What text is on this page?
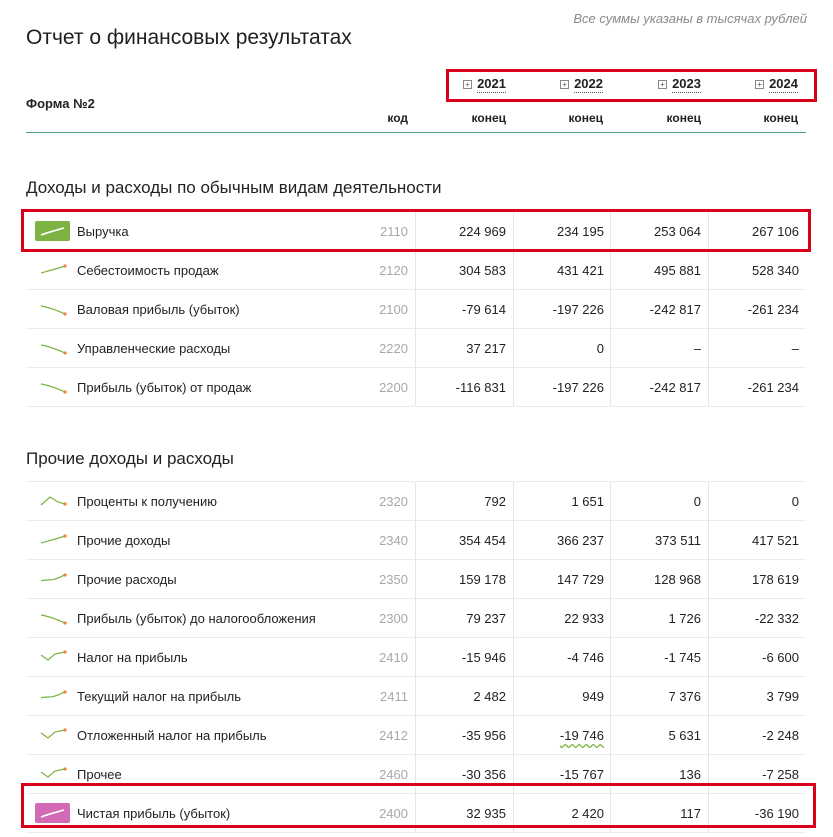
Все суммы указаны в тысячах рублей
Отчет о финансовых результатах
Форма №2
+ 2021	+ 2022	+ 2023	+ 2024
код	конец	конец	конец	конец
Доходы и расходы по обычным видам деятельности
Выручка	2110	224 969	234 195	253 064	267 106
Себестоимость продаж	2120	304 583	431 421	495 881	528 340
Валовая прибыль (убыток)	2100	-79 614	-197 226	-242 817	-261 234
Управленческие расходы	2220	37 217	0	–	–
Прибыль (убыток) от продаж	2200	-116 831	-197 226	-242 817	-261 234
Прочие доходы и расходы
Проценты к получению	2320	792	1 651	0	0
Прочие доходы	2340	354 454	366 237	373 511	417 521
Прочие расходы	2350	159 178	147 729	128 968	178 619
Прибыль (убыток) до налогообложения	2300	79 237	22 933	1 726	-22 332
Налог на прибыль	2410	-15 946	-4 746	-1 745	-6 600
Текущий налог на прибыль	2411	2 482	949	7 376	3 799
Отложенный налог на прибыль	2412	-35 956	-19 746	5 631	-2 248
Прочее	2460	-30 356	-15 767	136	-7 258
Чистая прибыль (убыток)	2400	32 935	2 420	117	-36 190
